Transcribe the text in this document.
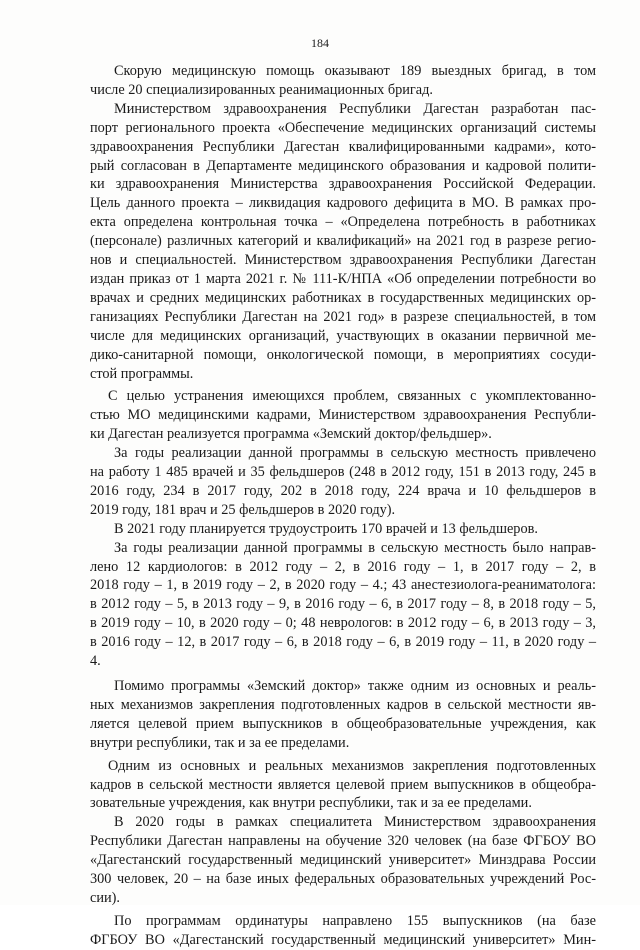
184

Скорую медицинскую помощь оказывают 189 выездных бригад, в том
числе 20 специализированных реанимационных бригад.

Министерством здравоохранения Республики Дагестан разработан пас-
порт регионального проекта «Обеспечение медицинских организаций системы
здравоохранения Республики Дагестан квалифицированными кадрами», кото-
рый согласован в Департаменте медицинского образования и кадровой полити-
ки здравоохранения Министерства здравоохранения Российской Федерации.
Цель данного проекта – ликвидация кадрового дефицита в МО. В рамках про-
екта определена контрольная точка – «Определена потребность в работниках
(персонале) различных категорий и квалификаций» на 2021 год в разрезе регио-
нов и специальностей. Министерством здравоохранения Республики Дагестан
издан приказ от 1 марта 2021 г. № 111-К/НПА «Об определении потребности во
врачах и средних медицинских работниках в государственных медицинских ор-
ганизациях Республики Дагестан на 2021 год» в разрезе специальностей, в том
числе для медицинских организаций, участвующих в оказании первичной ме-
дико-санитарной помощи, онкологической помощи, в мероприятиях сосуди-
стой программы.

С целью устранения имеющихся проблем, связанных с укомплектованно-
стью МО медицинскими кадрами, Министерством здравоохранения Республи-
ки Дагестан реализуется программа «Земский доктор/фельдшер».

За годы реализации данной программы в сельскую местность привлечено
на работу 1 485 врачей и 35 фельдшеров (248 в 2012 году, 151 в 2013 году, 245 в
2016 году, 234 в 2017 году, 202 в 2018 году, 224 врача и 10 фельдшеров в
2019 году, 181 врач и 25 фельдшеров в 2020 году).

В 2021 году планируется трудоустроить 170 врачей и 13 фельдшеров.

За годы реализации данной программы в сельскую местность было направ-
лено 12 кардиологов: в 2012 году – 2, в 2016 году – 1, в 2017 году – 2, в
2018 году – 1, в 2019 году – 2, в 2020 году – 4.; 43 анестезиолога-реаниматолога:
в 2012 году – 5, в 2013 году – 9, в 2016 году – 6, в 2017 году – 8, в 2018 году – 5,
в 2019 году – 10, в 2020 году – 0; 48 неврологов: в 2012 году – 6, в 2013 году – 3,
в 2016 году – 12, в 2017 году – 6, в 2018 году – 6, в 2019 году – 11, в 2020 году –
4.

Помимо программы «Земский доктор» также одним из основных и реаль-
ных механизмов закрепления подготовленных кадров в сельской местности яв-
ляется целевой прием выпускников в общеобразовательные учреждения, как
внутри республики, так и за ее пределами.

Одним из основных и реальных механизмов закрепления подготовленных
кадров в сельской местности является целевой прием выпускников в общеобра-
зовательные учреждения, как внутри республики, так и за ее пределами.

В 2020 годы в рамках специалитета Министерством здравоохранения
Республики Дагестан направлены на обучение 320 человек (на базе ФГБОУ ВО
«Дагестанский государственный медицинский университет» Минздрава России
300 человек, 20 – на базе иных федеральных образовательных учреждений Рос-
сии).

По программам ординатуры направлено 155 выпускников (на базе
ФГБОУ ВО «Дагестанский государственный медицинский университет» Мин-
